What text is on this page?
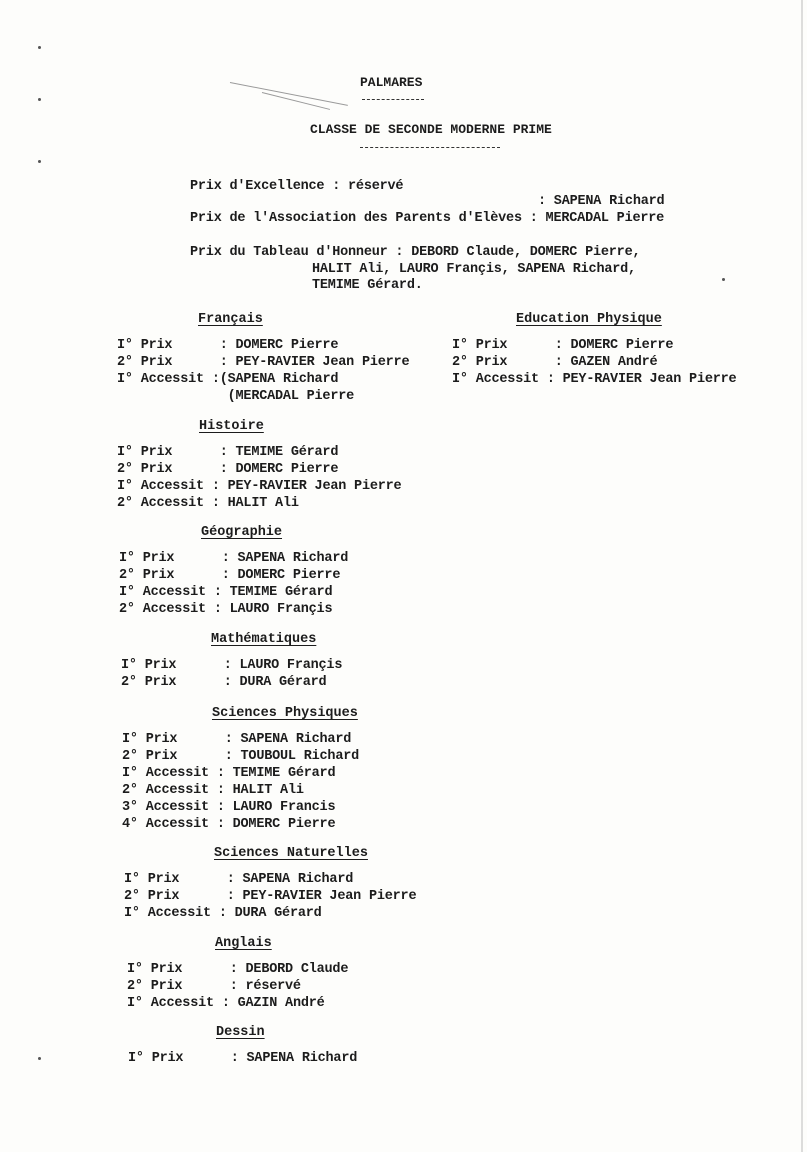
PALMARES
CLASSE DE SECONDE MODERNE PRIME
Prix d'Excellence : réservé
: SAPENA Richard
Prix de l'Association des Parents d'Elèves : MERCADAL Pierre
Prix du Tableau d'Honneur : DEBORD Claude, DOMERC Pierre,
HALIT Ali, LAURO Françis, SAPENA Richard,
TEMIME Gérard.
Français
I° Prix : DOMERC Pierre
2° Prix : PEY-RAVIER Jean Pierre
I° Accessit :(SAPENA Richard

(MERCADAL Pierre
Education Physique
I° Prix : DOMERC Pierre
2° Prix : GAZEN André
I° Accessit : PEY-RAVIER Jean Pierre
Histoire
I° Prix : TEMIME Gérard
2° Prix : DOMERC Pierre
I° Accessit : PEY-RAVIER Jean Pierre
2° Accessit : HALIT Ali
Géographie
I° Prix : SAPENA Richard
2° Prix : DOMERC Pierre
I° Accessit : TEMIME Gérard
2° Accessit : LAURO Françis
Mathématiques
I° Prix : LAURO Françis
2° Prix : DURA Gérard
Sciences Physiques
I° Prix : SAPENA Richard
2° Prix : TOUBOUL Richard
I° Accessit : TEMIME Gérard
2° Accessit : HALIT Ali
3° Accessit : LAURO Francis
4° Accessit : DOMERC Pierre
Sciences Naturelles
I° Prix : SAPENA Richard
2° Prix : PEY-RAVIER Jean Pierre
I° Accessit : DURA Gérard
Anglais
I° Prix : DEBORD Claude
2° Prix : réservé
I° Accessit : GAZIN André
Dessin
I° Prix : SAPENA Richard
